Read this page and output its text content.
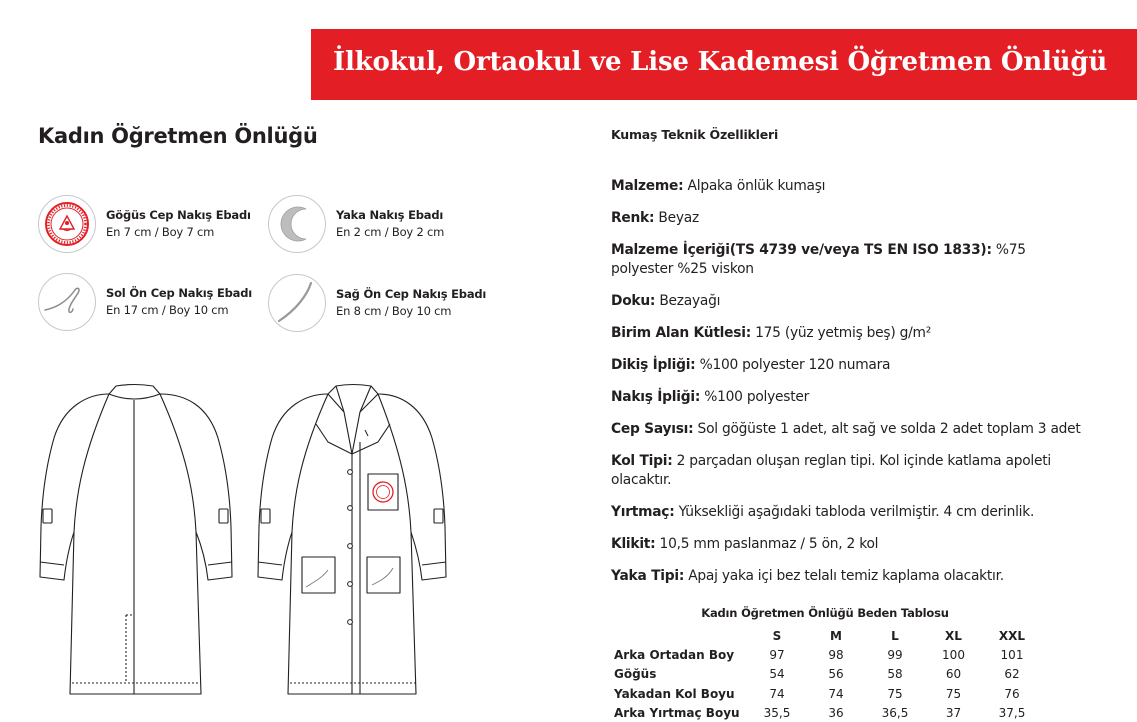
İlkokul, Ortaokul ve Lise Kademesi Öğretmen Önlüğü
Kadın Öğretmen Önlüğü
Göğüs Cep Nakış Ebadı
En 7 cm / Boy 7 cm
Yaka Nakış Ebadı
En 2 cm / Boy 2 cm
Sol Ön Cep Nakış Ebadı
En 17 cm / Boy 10 cm
Sağ Ön Cep Nakış Ebadı
En 8 cm / Boy 10 cm
Kumaş Teknik Özellikleri

Malzeme: Alpaka önlük kumaşı

Renk: Beyaz

Malzeme İçeriği(TS 4739 ve/veya TS EN ISO 1833): %75 polyester %25 viskon

Doku: Bezayağı

Birim Alan Kütlesi: 175 (yüz yetmiş beş) g/m²

Dikiş İpliği: %100 polyester 120 numara

Nakış İpliği: %100 polyester

Cep Sayısı: Sol göğüste 1 adet, alt sağ ve solda 2 adet toplam 3 adet

Kol Tipi: 2 parçadan oluşan reglan tipi. Kol içinde katlama apoleti olacaktır.

Yırtmaç: Yüksekliği aşağıdaki tabloda verilmiştir. 4 cm derinlik.

Klikit: 10,5 mm paslanmaz / 5 ön, 2 kol

Yaka Tipi: Apaj yaka içi bez telalı temiz kaplama olacaktır.

Kadın Öğretmen Önlüğü Beden Tablosu
	S	M	L	XL	XXL
Arka Ortadan Boy	97	98	99	100	101
Göğüs	54	56	58	60	62
Yakadan Kol Boyu	74	74	75	75	76
Arka Yırtmaç Boyu	35,5	36	36,5	37	37,5
